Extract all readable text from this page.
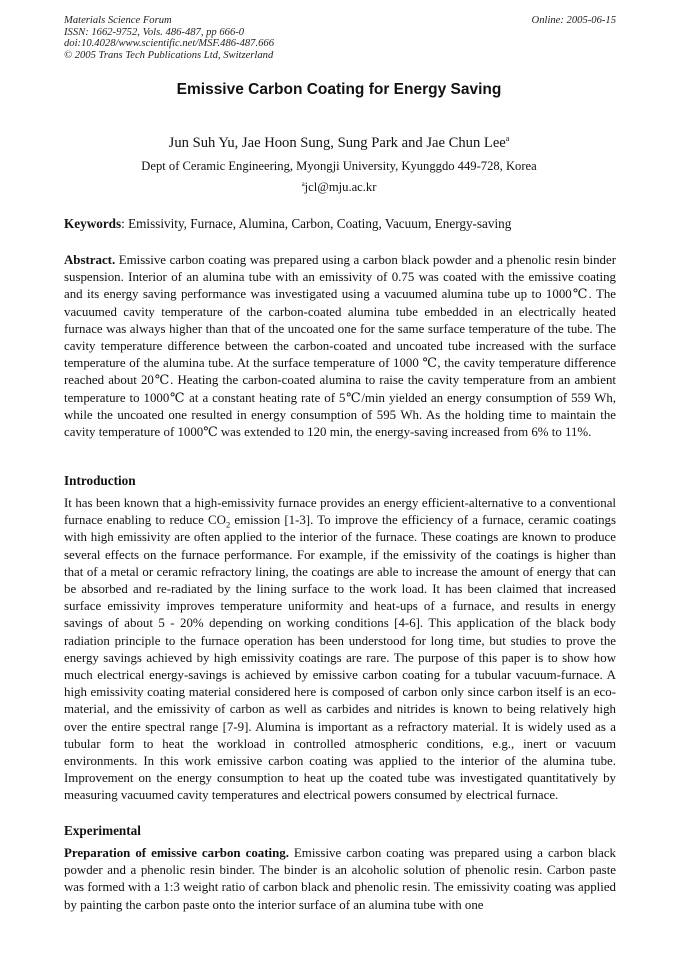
Materials Science Forum
ISSN: 1662-9752, Vols. 486-487, pp 666-0
doi:10.4028/www.scientific.net/MSF.486-487.666
© 2005 Trans Tech Publications Ltd, Switzerland
Online: 2005-06-15
Emissive Carbon Coating for Energy Saving
Jun Suh Yu, Jae Hoon Sung, Sung Park and Jae Chun Lee$^a$
Dept of Ceramic Engineering, Myongji University, Kyunggdo 449-728, Korea
$^a$jcl@mju.ac.kr
Keywords: Emissivity, Furnace, Alumina, Carbon, Coating, Vacuum, Energy-saving
Abstract. Emissive carbon coating was prepared using a carbon black powder and a phenolic resin binder suspension. Interior of an alumina tube with an emissivity of 0.75 was coated with the emissive coating and its energy saving performance was investigated using a vacuumed alumina tube up to 1000℃. The vacuumed cavity temperature of the carbon-coated alumina tube embedded in an electrically heated furnace was always higher than that of the uncoated one for the same surface temperature of the tube. The cavity temperature difference between the carbon-coated and uncoated tube increased with the surface temperature of the alumina tube. At the surface temperature of 1000 ℃, the cavity temperature difference reached about 20℃. Heating the carbon-coated alumina to raise the cavity temperature from an ambient temperature to 1000℃ at a constant heating rate of 5℃/min yielded an energy consumption of 559 Wh, while the uncoated one resulted in energy consumption of 595 Wh. As the holding time to maintain the cavity temperature of 1000℃ was extended to 120 min, the energy-saving increased from 6% to 11%.
Introduction
It has been known that a high-emissivity furnace provides an energy efficient-alternative to a conventional furnace enabling to reduce $CO_2$ emission [1-3]. To improve the efficiency of a furnace, ceramic coatings with high emissivity are often applied to the interior of the furnace. These coatings are known to produce several effects on the furnace performance. For example, if the emissivity of the coatings is higher than that of a metal or ceramic refractory lining, the coatings are able to increase the amount of energy that can be absorbed and re-radiated by the lining surface to the work load. It has been claimed that increased surface emissivity improves temperature uniformity and heat-ups of a furnace, and results in energy savings of about 5 - 20% depending on working conditions [4-6]. This application of the black body radiation principle to the furnace operation has been understood for long time, but studies to prove the energy savings achieved by high emissivity coatings are rare. The purpose of this paper is to show how much electrical energy-savings is achieved by emissive carbon coating for a tubular vacuum-furnace. A high emissivity coating material considered here is composed of carbon only since carbon itself is an eco-material, and the emissivity of carbon as well as carbides and nitrides is known to being relatively high over the entire spectral range [7-9]. Alumina is important as a refractory material. It is widely used as a tubular form to heat the workload in controlled atmospheric conditions, e.g., inert or vacuum environments. In this work emissive carbon coating was applied to the interior of the alumina tube. Improvement on the energy consumption to heat up the coated tube was investigated quantitatively by measuring vacuumed cavity temperatures and electrical powers consumed by electrical furnace.
Experimental
Preparation of emissive carbon coating. Emissive carbon coating was prepared using a carbon black powder and a phenolic resin binder. The binder is an alcoholic solution of phenolic resin. Carbon paste was formed with a 1:3 weight ratio of carbon black and phenolic resin. The emissivity coating was applied by painting the carbon paste onto the interior surface of an alumina tube with one
